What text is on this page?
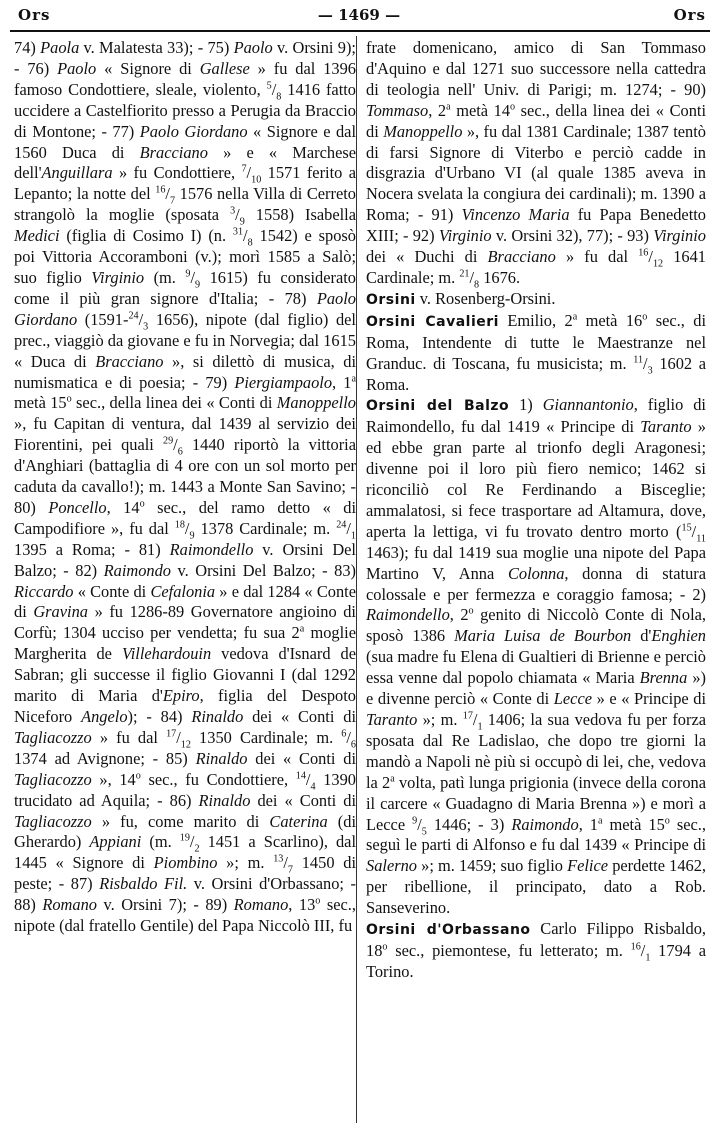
Ors	— 1469 —	Ors

74) Paola v. Malatesta 33); - 75) Paolo v. Orsini 9); - 76) Paolo « Signore di Gallese » fu dal 1396 famoso Condottiere, sleale, violento, $^5/_8$ 1416 fatto uccidere a Castelfiorito presso a Perugia da Braccio di Montone; - 77) Paolo Giordano « Signore e dal 1560 Duca di Bracciano » e « Marchese dell'Anguillara » fu Condottiere, $^7/_{10}$ 1571 ferito a Lepanto; la notte del $^{16}/_7$ 1576 nella Villa di Cerreto strangolò la moglie (sposata $^3/_9$ 1558) Isabella Medici (figlia di Cosimo I) (n. $^{31}/_8$ 1542) e sposò poi Vittoria Accoramboni (v.); morì 1585 a Salò; suo figlio Virginio (m. $^9/_9$ 1615) fu considerato come il più gran signore d'Italia; - 78) Paolo Giordano ($1591-^{24}/_3$ 1656), nipote (dal figlio) del prec., viaggiò da giovane e fu in Norvegia; dal 1615 « Duca di Bracciano », si dilettò di musica, di numismatica e di poesia; - 79) Piergiampaolo, 1$^a$ metà 15$^o$ sec., della linea dei « Conti di Manoppello », fu Capitan di ventura, dal 1439 al servizio dei Fiorentini, pei quali $^{29}/_6$ 1440 riportò la vittoria d'Anghiari (battaglia di 4 ore con un sol morto per caduta da cavallo!); m. 1443 a Monte San Savino; - 80) Poncello, 14$^o$ sec., del ramo detto « di Campodifiore », fu dal $^{18}/_9$ 1378 Cardinale; m. $^{24}/_1$ 1395 a Roma; - 81) Raimondello v. Orsini Del Balzo; - 82) Raimondo v. Orsini Del Balzo; - 83) Riccardo « Conte di Cefalonia » e dal 1284 « Conte di Gravina » fu 1286-89 Governatore angioino di Corfù; 1304 ucciso per vendetta; fu sua 2$^a$ moglie Margherita de Villehardouin vedova d'Isnard de Sabran; gli successe il figlio Giovanni I (dal 1292 marito di Maria d'Epiro, figlia del Despoto Niceforo Angelo); - 84) Rinaldo dei « Conti di Tagliacozzo » fu dal $^{17}/_{12}$ 1350 Cardinale; m. $^6/_6$ 1374 ad Avignone; - 85) Rinaldo dei « Conti di Tagliacozzo », 14$^o$ sec., fu Condottiere, $^{14}/_4$ 1390 trucidato ad Aquila; - 86) Rinaldo dei « Conti di Tagliacozzo » fu, come marito di Caterina (di Gherardo) Appiani (m. $^{19}/_2$ 1451 a Scarlino), dal 1445 « Signore di Piombino »; m. $^{13}/_7$ 1450 di peste; - 87) Risbaldo Fil. v. Orsini d'Orbassano; - 88) Romano v. Orsini 7); - 89) Romano, 13$^o$ sec., nipote (dal fratello Gentile) del Papa Niccolò III, fu

frate domenicano, amico di San Tommaso d'Aquino e dal 1271 suo successore nella cattedra di teologia nell' Univ. di Parigi; m. 1274; - 90) Tommaso, 2$^a$ metà 14$^o$ sec., della linea dei « Conti di Manoppello », fu dal 1381 Cardinale; 1387 tentò di farsi Signore di Viterbo e perciò cadde in disgrazia d'Urbano VI (al quale 1385 aveva in Nocera svelata la congiura dei cardinali); m. 1390 a Roma; - 91) Vincenzo Maria fu Papa Benedetto XIII; - 92) Virginio v. Orsini 32), 77); - 93) Virginio dei « Duchi di Bracciano » fu dal $^{16}/_{12}$ 1641 Cardinale; m. $^{21}/_8$ 1676.

Orsini v. Rosenberg-Orsini.

Orsini Cavalieri Emilio, 2$^a$ metà 16$^o$ sec., di Roma, Intendente di tutte le Maestranze nel Granduc. di Toscana, fu musicista; m. $^{11}/_3$ 1602 a Roma.

Orsini del Balzo 1) Giannantonio, figlio di Raimondello, fu dal 1419 « Principe di Taranto » ed ebbe gran parte al trionfo degli Aragonesi; divenne poi il loro più fiero nemico; 1462 si riconciliò col Re Ferdinando a Bisceglie; ammalatosi, si fece trasportare ad Altamura, dove, aperta la lettiga, vi fu trovato dentro morto ($^{15}/_{11}$ 1463); fu dal 1419 sua moglie una nipote del Papa Martino V, Anna Colonna, donna di statura colossale e per fermezza e coraggio famosa; - 2) Raimondello, 2$^o$ genito di Niccolò Conte di Nola, sposò 1386 Maria Luisa de Bourbon d'Enghien (sua madre fu Elena di Gualtieri di Brienne e perciò essa venne dal popolo chiamata « Maria Brenna ») e divenne perciò « Conte di Lecce » e « Principe di Taranto »; m. $^{17}/_1$ 1406; la sua vedova fu per forza sposata dal Re Ladislao, che dopo tre giorni la mandò a Napoli nè più si occupò di lei, che, vedova la 2$^a$ volta, patì lunga prigionia (invece della corona il carcere « Guadagno di Maria Brenna ») e morì a Lecce $^9/_5$ 1446; - 3) Raimondo, 1$^a$ metà 15$^o$ sec., seguì le parti di Alfonso e fu dal 1439 « Principe di Salerno »; m. 1459; suo figlio Felice perdette 1462, per ribellione, il principato, dato a Rob. Sanseverino.

Orsini d'Orbassano Carlo Filippo Risbaldo, 18$^o$ sec., piemontese, fu letterato; m. $^{16}/_1$ 1794 a Torino.
